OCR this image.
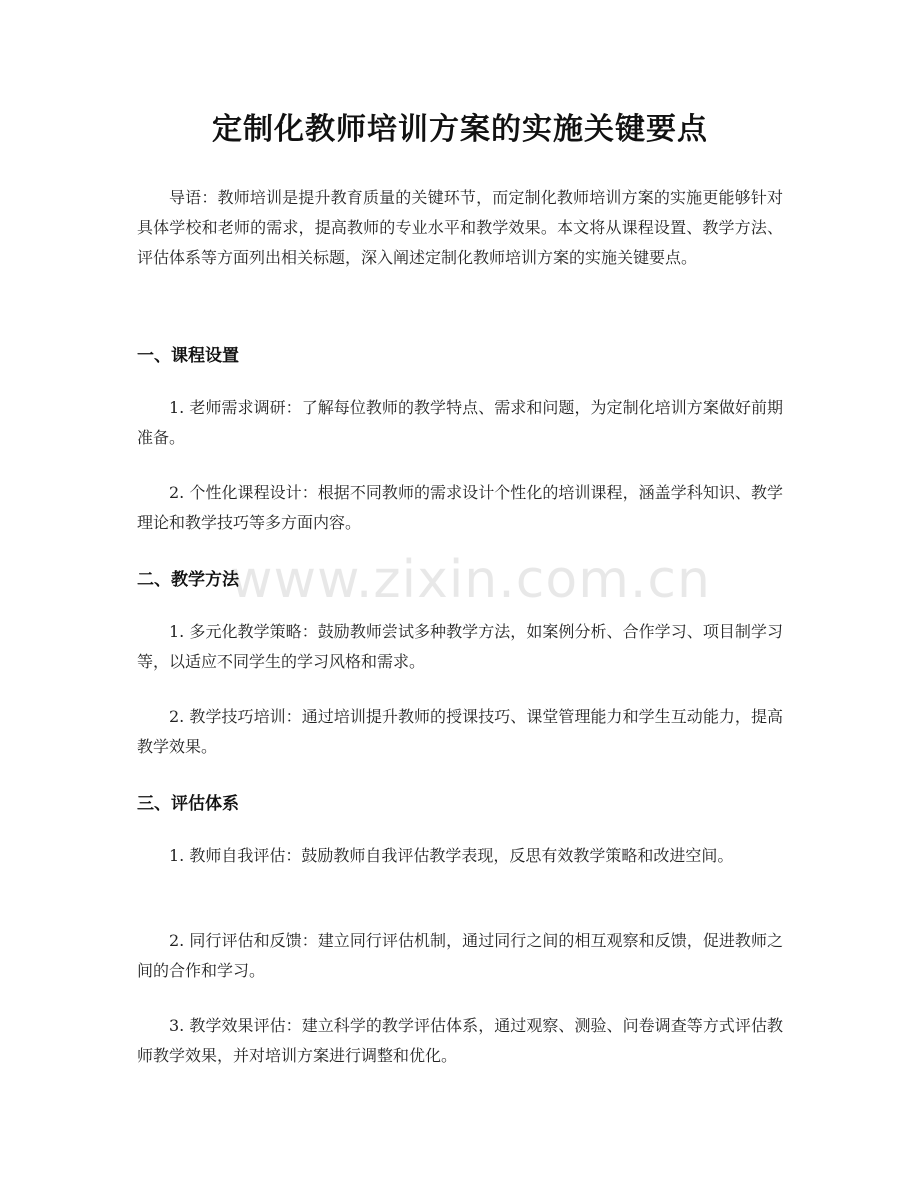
定制化教师培训方案的实施关键要点
导语：教师培训是提升教育质量的关键环节，而定制化教师培训方案的实施更能够针对具体学校和老师的需求，提高教师的专业水平和教学效果。本文将从课程设置、教学方法、评估体系等方面列出相关标题，深入阐述定制化教师培训方案的实施关键要点。
一、课程设置
1. 老师需求调研：了解每位教师的教学特点、需求和问题，为定制化培训方案做好前期准备。
2. 个性化课程设计：根据不同教师的需求设计个性化的培训课程，涵盖学科知识、教学理论和教学技巧等多方面内容。
二、教学方法
1. 多元化教学策略：鼓励教师尝试多种教学方法，如案例分析、合作学习、项目制学习等，以适应不同学生的学习风格和需求。
2. 教学技巧培训：通过培训提升教师的授课技巧、课堂管理能力和学生互动能力，提高教学效果。
三、评估体系
1. 教师自我评估：鼓励教师自我评估教学表现，反思有效教学策略和改进空间。
2. 同行评估和反馈：建立同行评估机制，通过同行之间的相互观察和反馈，促进教师之间的合作和学习。
3. 教学效果评估：建立科学的教学评估体系，通过观察、测验、问卷调查等方式评估教师教学效果，并对培训方案进行调整和优化。
www.zixin.com.cn
